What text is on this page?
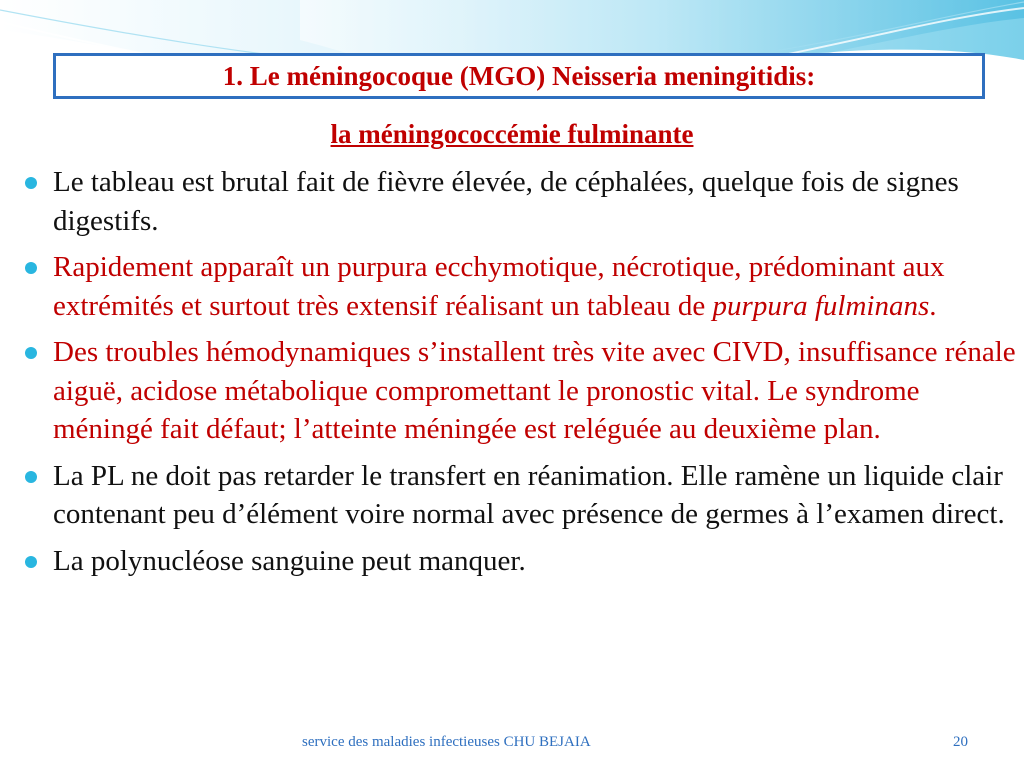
1. Le méningocoque (MGO) Neisseria meningitidis:
la méningococcémie fulminante
Le tableau est brutal fait de fièvre élevée, de céphalées, quelque fois de signes digestifs.
Rapidement apparaît un purpura ecchymotique, nécrotique, prédominant aux extrémités et surtout très extensif réalisant un tableau de purpura fulminans.
Des troubles hémodynamiques s’installent très vite avec CIVD, insuffisance rénale aiguë, acidose métabolique compromettant le pronostic vital. Le syndrome méningé fait défaut; l’atteinte méningée est reléguée au deuxième plan.
La PL ne doit pas retarder le transfert en réanimation. Elle ramène un liquide clair contenant peu d’élément voire normal avec présence de germes à l’examen direct.
La polynucléose sanguine peut manquer.
service des maladies infectieuses CHU BEJAIA	20
